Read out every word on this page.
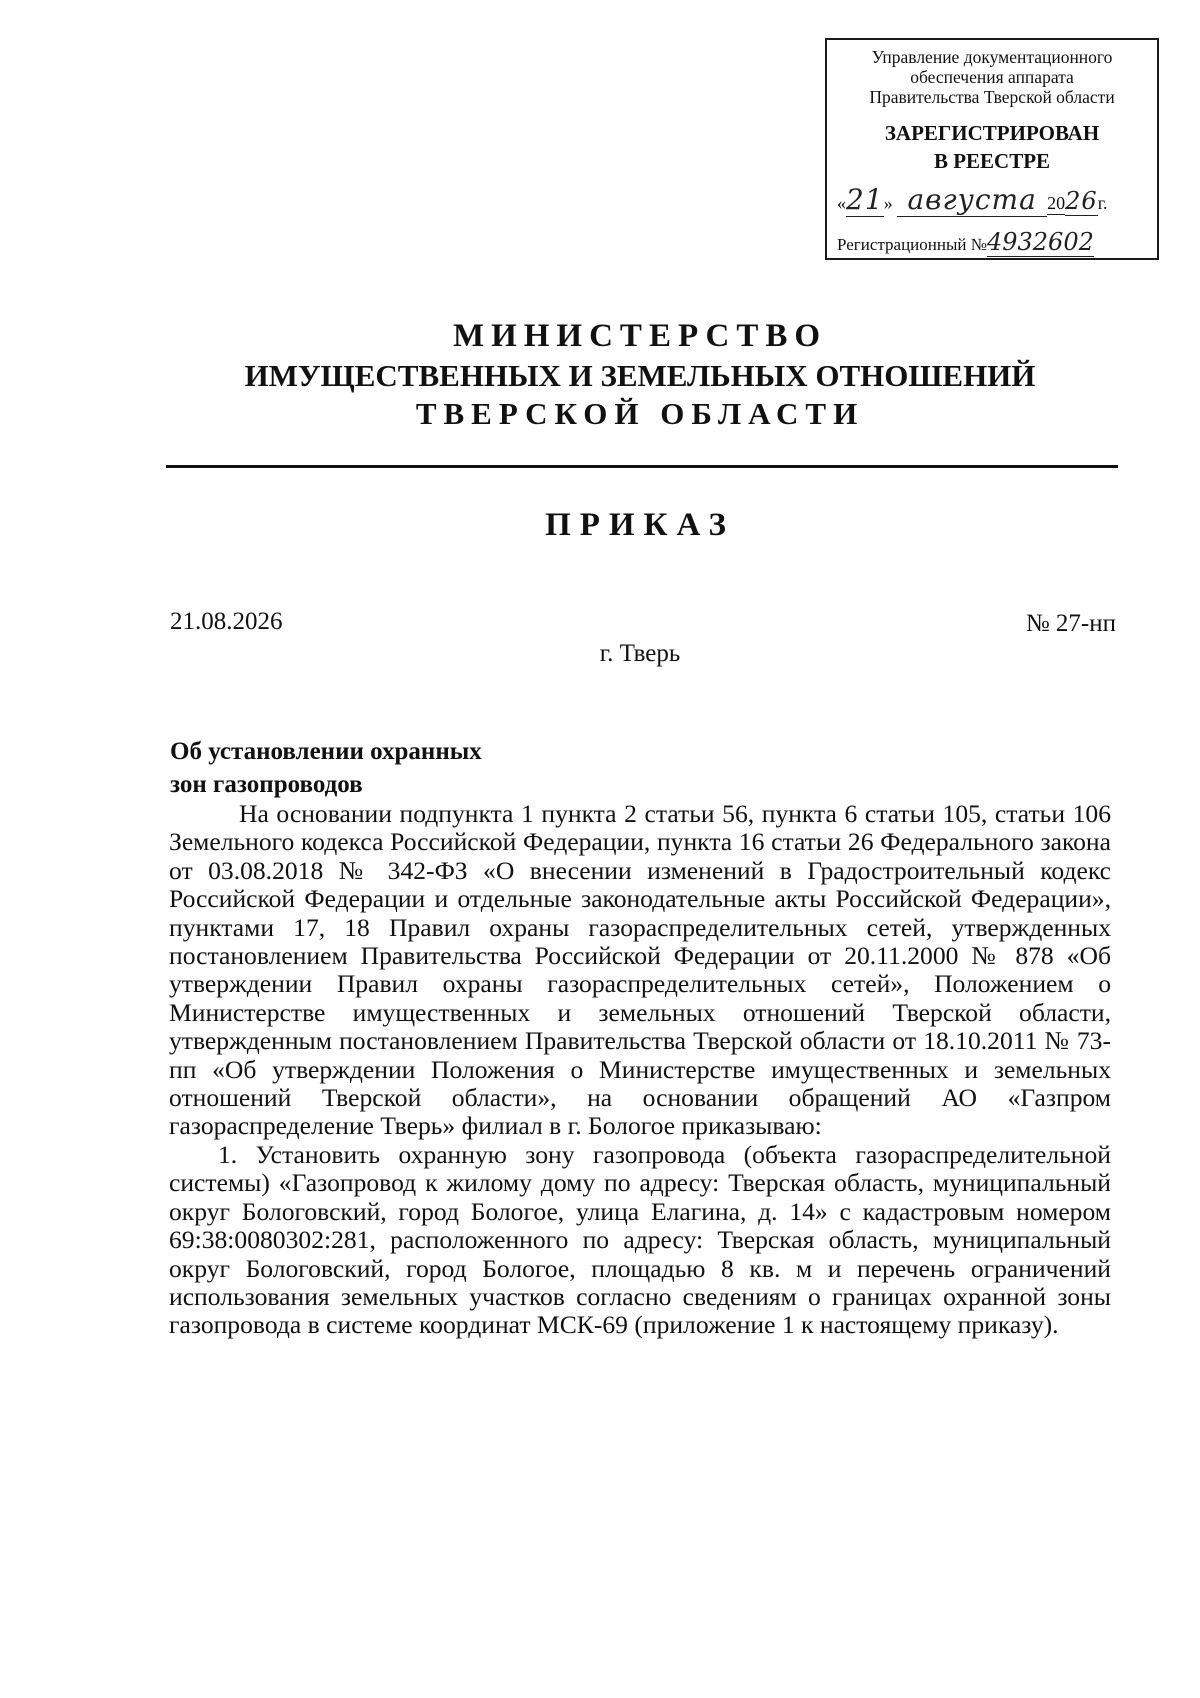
Управление документационного
обеспечения аппарата
Правительства Тверской области
ЗАРЕГИСТРИРОВАН
В РЕЕСТРЕ
«21» августа 2026г.
Регистрационный №4932602
МИНИСТЕРСТВО
ИМУЩЕСТВЕННЫХ И ЗЕМЕЛЬНЫХ ОТНОШЕНИЙ
ТВЕРСКОЙ ОБЛАСТИ
ПРИКАЗ
21.08.2026	№ 27-нп
г. Тверь
Об установлении охранных
зон газопроводов

На основании подпункта 1 пункта 2 статьи 56, пункта 6 статьи 105, статьи 106 Земельного кодекса Российской Федерации, пункта 16 статьи 26 Федерального закона от 03.08.2018 № 342-ФЗ «О внесении изменений в Градостроительный кодекс Российской Федерации и отдельные законодательные акты Российской Федерации», пунктами 17, 18 Правил охраны газораспределительных сетей, утвержденных постановлением Правительства Российской Федерации от 20.11.2000 № 878 «Об утверждении Правил охраны газораспределительных сетей», Положением о Министерстве имущественных и земельных отношений Тверской области, утвержденным постановлением Правительства Тверской области от 18.10.2011 № 73-пп «Об утверждении Положения о Министерстве имущественных и земельных отношений Тверской области», на основании обращений АО «Газпром газораспределение Тверь» филиал в г. Бологое приказываю:

1. Установить охранную зону газопровода (объекта газораспределительной системы) «Газопровод к жилому дому по адресу: Тверская область, муниципальный округ Бологовский, город Бологое, улица Елагина, д. 14» с кадастровым номером 69:38:0080302:281, расположенного по адресу: Тверская область, муниципальный округ Бологовский, город Бологое, площадью 8 кв. м и перечень ограничений использования земельных участков согласно сведениям о границах охранной зоны газопровода в системе координат МСК-69 (приложение 1 к настоящему приказу).
